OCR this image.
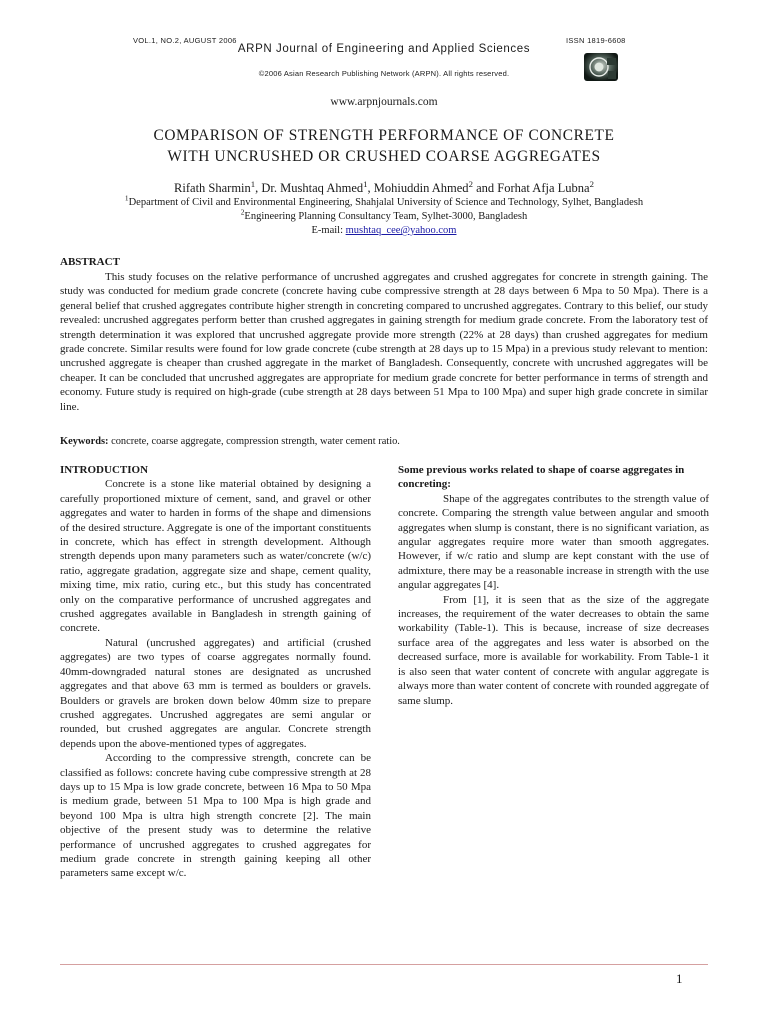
VOL.1, NO.2, AUGUST 2006	ISSN 1819-6608
ARPN Journal of Engineering and Applied Sciences
©2006 Asian Research Publishing Network (ARPN). All rights reserved.
www.arpnjournals.com
COMPARISON OF STRENGTH PERFORMANCE OF CONCRETE
WITH UNCRUSHED OR CRUSHED COARSE AGGREGATES
Rifath Sharmin$^1$, Dr. Mushtaq Ahmed$^1$, Mohiuddin Ahmed$^2$ and Forhat Afja Lubna$^2$
$^1$Department of Civil and Environmental Engineering, Shahjalal University of Science and Technology, Sylhet, Bangladesh
$^2$Engineering Planning Consultancy Team, Sylhet-3000, Bangladesh
E-mail: mushtaq_cee@yahoo.com
ABSTRACT

This study focuses on the relative performance of uncrushed aggregates and crushed aggregates for concrete in strength gaining. The study was conducted for medium grade concrete (concrete having cube compressive strength at 28 days between 6 Mpa to 50 Mpa). There is a general belief that crushed aggregates contribute higher strength in concreting compared to uncrushed aggregates. Contrary to this belief, our study revealed: uncrushed aggregates perform better than crushed aggregates in gaining strength for medium grade concrete. From the laboratory test of strength determination it was explored that uncrushed aggregate provide more strength (22% at 28 days) than crushed aggregates for medium grade concrete. Similar results were found for low grade concrete (cube strength at 28 days up to 15 Mpa) in a previous study relevant to mention: uncrushed aggregate is cheaper than crushed aggregate in the market of Bangladesh. Consequently, concrete with uncrushed aggregates will be cheaper. It can be concluded that uncrushed aggregates are appropriate for medium grade concrete for better performance in terms of strength and economy. Future study is required on high-grade (cube strength at 28 days between 51 Mpa to 100 Mpa) and super high grade concrete in similar line.

Keywords: concrete, coarse aggregate, compression strength, water cement ratio.

INTRODUCTION

Concrete is a stone like material obtained by designing a carefully proportioned mixture of cement, sand, and gravel or other aggregates and water to harden in forms of the shape and dimensions of the desired structure. Aggregate is one of the important constituents in concrete, which has effect in strength development. Although strength depends upon many parameters such as water/concrete (w/c) ratio, aggregate gradation, aggregate size and shape, cement quality, mixing time, mix ratio, curing etc., but this study has concentrated only on the comparative performance of uncrushed aggregates and crushed aggregates available in Bangladesh in strength gaining of concrete.

Natural (uncrushed aggregates) and artificial (crushed aggregates) are two types of coarse aggregates normally found. 40mm-downgraded natural stones are designated as uncrushed aggregates and that above 63 mm is termed as boulders or gravels. Boulders or gravels are broken down below 40mm size to prepare crushed aggregates. Uncrushed aggregates are semi angular or rounded, but crushed aggregates are angular. Concrete strength depends upon the above-mentioned types of aggregates.

According to the compressive strength, concrete can be classified as follows: concrete having cube compressive strength at 28 days up to 15 Mpa is low grade concrete, between 16 Mpa to 50 Mpa is medium grade, between 51 Mpa to 100 Mpa is high grade and beyond 100 Mpa is ultra high strength concrete [2]. The main objective of the present study was to determine the relative performance of uncrushed aggregates to crushed aggregates for medium grade concrete in strength gaining keeping all other parameters same except w/c.

Some previous works related to shape of coarse aggregates in concreting:

Shape of the aggregates contributes to the strength value of concrete. Comparing the strength value between angular and smooth aggregates when slump is constant, there is no significant variation, as angular aggregates require more water than smooth aggregates. However, if w/c ratio and slump are kept constant with the use of admixture, there may be a reasonable increase in strength with the use angular aggregates [4].

From [1], it is seen that as the size of the aggregate increases, the requirement of the water decreases to obtain the same workability (Table-1). This is because, increase of size decreases surface area of the aggregates and less water is absorbed on the decreased surface, more is available for workability. From Table-1 it is also seen that water content of concrete with angular aggregate is always more than water content of concrete with rounded aggregate of same slump.

1
